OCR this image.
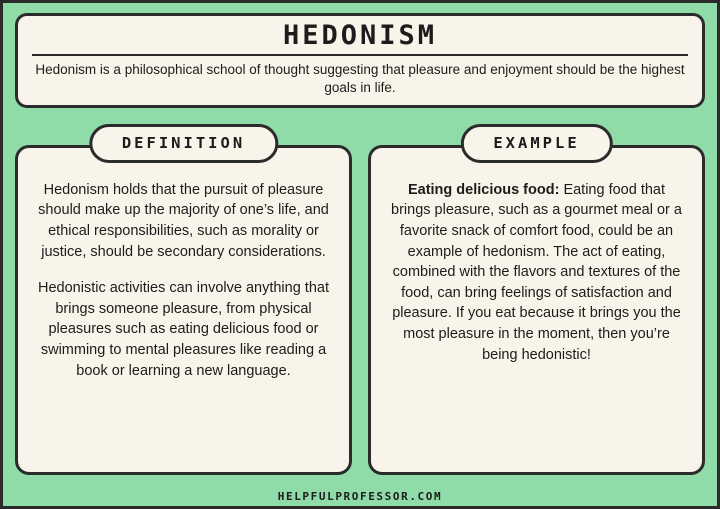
HEDONISM
Hedonism is a philosophical school of thought suggesting that pleasure and enjoyment should be the highest goals in life.
DEFINITION

Hedonism holds that the pursuit of pleasure should make up the majority of one’s life, and ethical responsibilities, such as morality or justice, should be secondary considerations.

Hedonistic activities can involve anything that brings someone pleasure, from physical pleasures such as eating delicious food or swimming to mental pleasures like reading a book or learning a new language.

EXAMPLE

Eating delicious food: Eating food that brings pleasure, such as a gourmet meal or a favorite snack of comfort food, could be an example of hedonism. The act of eating, combined with the flavors and textures of the food, can bring feelings of satisfaction and pleasure. If you eat because it brings you the most pleasure in the moment, then you’re being hedonistic!

HELPFULPROFESSOR.COM
